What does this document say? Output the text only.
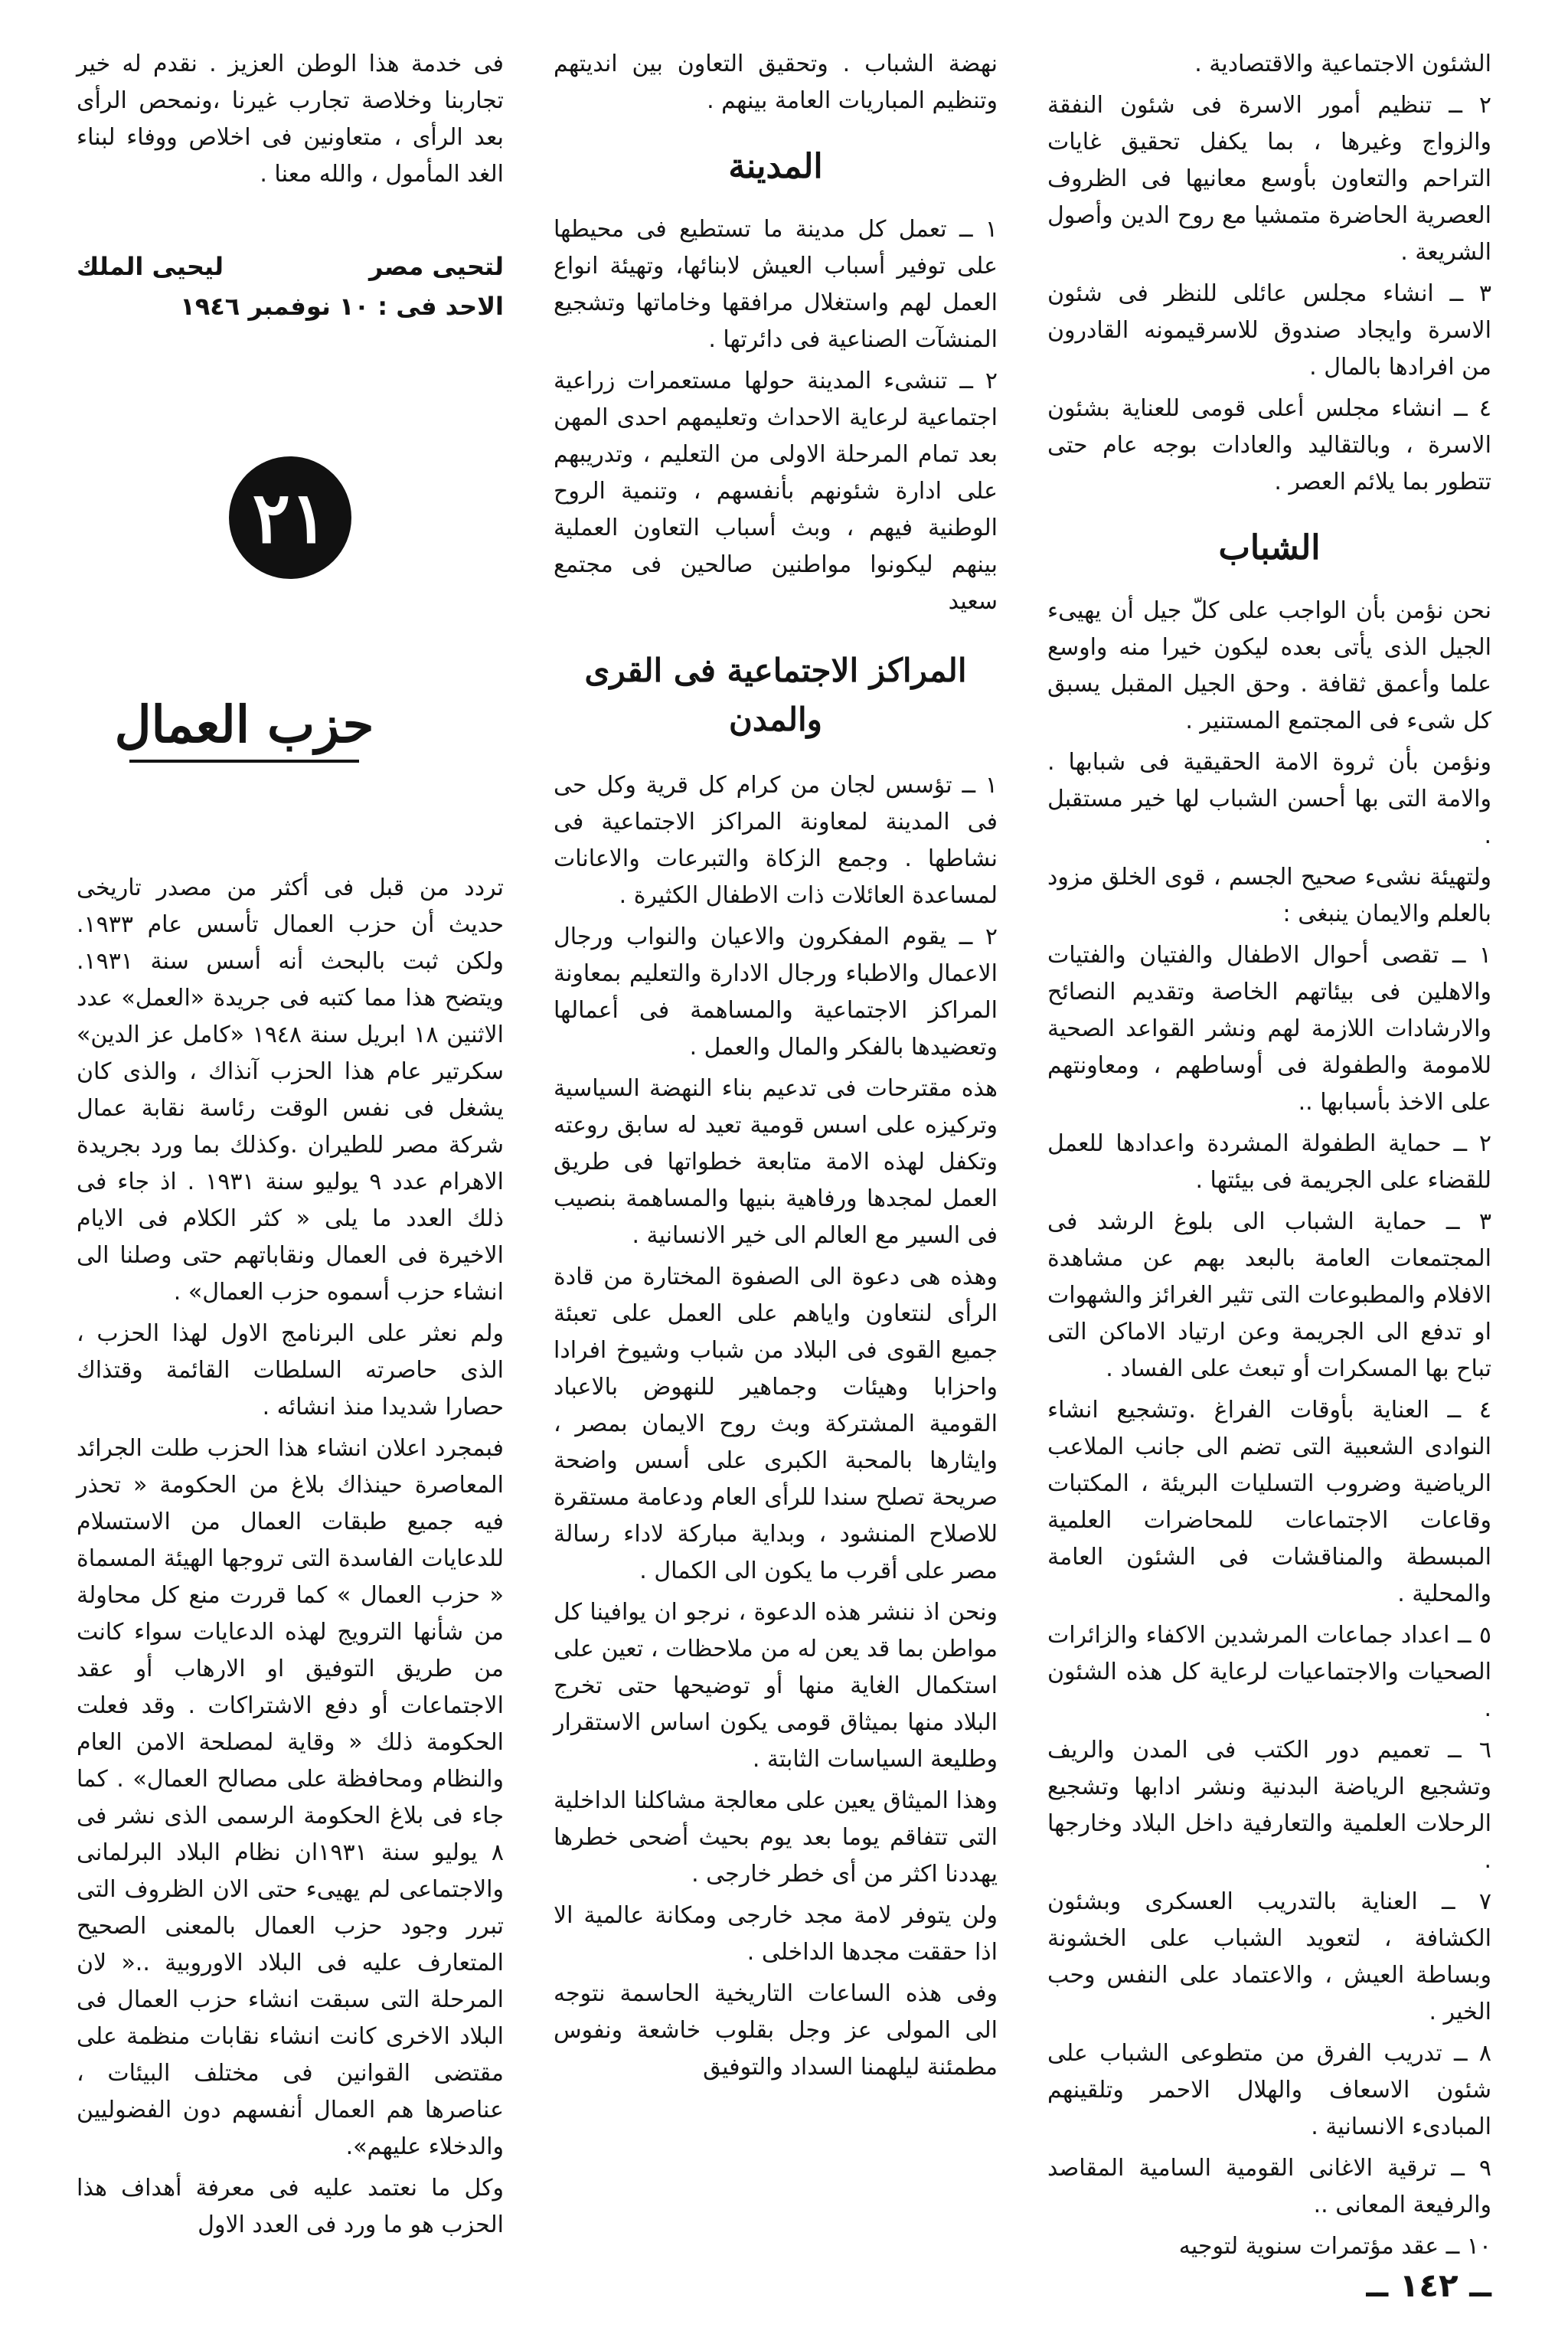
الشئون الاجتماعية والاقتصادية .

٢ ــ تنظيم أمور الاسرة فى شئون النفقة والزواج وغيرها ، بما يكفل تحقيق غايات التراحم والتعاون بأوسع معانيها فى الظروف العصرية الحاضرة متمشيا مع روح الدين وأصول الشريعة .

٣ ــ انشاء مجلس عائلى للنظر فى شئون الاسرة وايجاد صندوق للاسرقيمونه القادرون من افرادها بالمال .

٤ ــ انشاء مجلس أعلى قومى للعناية بشئون الاسرة ، وبالتقاليد والعادات بوجه عام حتى تتطور بما يلائم العصر .

الشباب

نحن نؤمن بأن الواجب على كلّ جيل أن يهيىء الجيل الذى يأتى بعده ليكون خيرا منه واوسع علما وأعمق ثقافة . وحق الجيل المقبل يسبق كل شىء فى المجتمع المستنير .

ونؤمن بأن ثروة الامة الحقيقية فى شبابها . والامة التى بها أحسن الشباب لها خير مستقبل .

ولتهيئة نشىء صحيح الجسم ، قوى الخلق مزود بالعلم والايمان ينبغى :

١ ــ تقصى أحوال الاطفال والفتيان والفتيات والاهلين فى بيئاتهم الخاصة وتقديم النصائح والارشادات اللازمة لهم ونشر القواعد الصحية للامومة والطفولة فى أوساطهم ، ومعاونتهم على الاخذ بأسبابها ..

٢ ــ حماية الطفولة المشردة واعدادها للعمل للقضاء على الجريمة فى بيئتها .

٣ ــ حماية الشباب الى بلوغ الرشد فى المجتمعات العامة بالبعد بهم عن مشاهدة الافلام والمطبوعات التى تثير الغرائز والشهوات او تدفع الى الجريمة وعن ارتياد الاماكن التى تباح بها المسكرات أو تبعث على الفساد .

٤ ــ العناية بأوقات الفراغ .وتشجيع انشاء النوادى الشعبية التى تضم الى جانب الملاعب الرياضية وضروب التسليات البريئة ، المكتبات وقاعات الاجتماعات للمحاضرات العلمية المبسطة والمناقشات فى الشئون العامة والمحلية .

٥ ــ اعداد جماعات المرشدين الاكفاء والزائرات الصحيات والاجتماعيات لرعاية كل هذه الشئون .

٦ ــ تعميم دور الكتب فى المدن والريف وتشجيع الرياضة البدنية ونشر ادابها وتشجيع الرحلات العلمية والتعارفية داخل البلاد وخارجها .

٧ ــ العناية بالتدريب العسكرى وبشئون الكشافة ، لتعويد الشباب على الخشونة وبساطة العيش ، والاعتماد على النفس وحب الخير .

٨ ــ تدريب الفرق من متطوعى الشباب على شئون الاسعاف والهلال الاحمر وتلقينهم المبادىء الانسانية .

٩ ــ ترقية الاغانى القومية السامية المقاصد والرفيعة المعانى ..

١٠ ــ عقد مؤتمرات سنوية لتوجيه

نهضة الشباب . وتحقيق التعاون بين انديتهم وتنظيم المباريات العامة بينهم .

المدينة

١ ــ تعمل كل مدينة ما تستطيع فى محيطها على توفير أسباب العيش لابنائها، وتهيئة انواع العمل لهم واستغلال مرافقها وخاماتها وتشجيع المنشآت الصناعية فى دائرتها .

٢ ــ تنشىء المدينة حولها مستعمرات زراعية اجتماعية لرعاية الاحداث وتعليمهم احدى المهن بعد تمام المرحلة الاولى من التعليم ، وتدريبهم على ادارة شئونهم بأنفسهم ، وتنمية الروح الوطنية فيهم ، وبث أسباب التعاون العملية بينهم ليكونوا مواطنين صالحين فى مجتمع سعيد

المراكز الاجتماعية فى القرى والمدن

١ ــ تؤسس لجان من كرام كل قرية وكل حى فى المدينة لمعاونة المراكز الاجتماعية فى نشاطها . وجمع الزكاة والتبرعات والاعانات لمساعدة العائلات ذات الاطفال الكثيرة .

٢ ــ يقوم المفكرون والاعيان والنواب ورجال الاعمال والاطباء ورجال الادارة والتعليم بمعاونة المراكز الاجتماعية والمساهمة فى أعمالها وتعضيدها بالفكر والمال والعمل .

هذه مقترحات فى تدعيم بناء النهضة السياسية وتركيزه على اسس قومية تعيد له سابق روعته وتكفل لهذه الامة متابعة خطواتها فى طريق العمل لمجدها ورفاهية بنيها والمساهمة بنصيب فى السير مع العالم الى خير الانسانية .

وهذه هى دعوة الى الصفوة المختارة من قادة الرأى لنتعاون واياهم على العمل على تعبئة جميع القوى فى البلاد من شباب وشيوخ افرادا واحزابا وهيئات وجماهير للنهوض بالاعباد القومية المشتركة وبث روح الايمان بمصر ، وايثارها بالمحبة الكبرى على أسس واضحة صريحة تصلح سندا للرأى العام ودعامة مستقرة للاصلاح المنشود ، وبداية مباركة لاداء رسالة مصر على أقرب ما يكون الى الكمال .

ونحن اذ ننشر هذه الدعوة ، نرجو ان يوافينا كل مواطن بما قد يعن له من ملاحظات ، تعين على استكمال الغاية منها أو توضيحها حتى تخرج البلاد منها بميثاق قومى يكون اساس الاستقرار وطليعة السياسات الثابتة .

وهذا الميثاق يعين على معالجة مشاكلنا الداخلية التى تتفاقم يوما بعد يوم بحيث أضحى خطرها يهددنا اكثر من أى خطر خارجى .

ولن يتوفر لامة مجد خارجى ومكانة عالمية الا اذا حققت مجدها الداخلى .

وفى هذه الساعات التاريخية الحاسمة نتوجه الى المولى عز وجل بقلوب خاشعة ونفوس مطمئنة ليلهمنا السداد والتوفيق

فى خدمة هذا الوطن العزيز . نقدم له خير تجاربنا وخلاصة تجارب غيرنا ،ونمحص الرأى بعد الرأى ، متعاونين فى اخلاص ووفاء لبناء الغد المأمول ، والله معنا .

لتحيى مصر
ليحيى الملك
الاحد فى : ١٠ نوفمبر ١٩٤٦
٢١
حزب العمال

تردد من قبل فى أكثر من مصدر تاريخى حديث أن حزب العمال تأسس عام ١٩٣٣. ولكن ثبت بالبحث أنه أسس سنة ١٩٣١. ويتضح هذا مما كتبه فى جريدة «العمل» عدد الاثنين ١٨ ابريل سنة ١٩٤٨ «كامل عز الدين» سكرتير عام هذا الحزب آنذاك ، والذى كان يشغل فى نفس الوقت رئاسة نقابة عمال شركة مصر للطيران .وكذلك بما ورد بجريدة الاهرام عدد ٩ يوليو سنة ١٩٣١ . اذ جاء فى ذلك العدد ما يلى « كثر الكلام فى الايام الاخيرة فى العمال ونقاباتهم حتى وصلنا الى انشاء حزب أسموه حزب العمال» .

ولم نعثر على البرنامج الاول لهذا الحزب ، الذى حاصرته السلطات القائمة وقتذاك حصارا شديدا منذ انشائه .

فبمجرد اعلان انشاء هذا الحزب طلت الجرائد المعاصرة حينذاك بلاغ من الحكومة « تحذر فيه جميع طبقات العمال من الاستسلام للدعايات الفاسدة التى تروجها الهيئة المسماة « حزب العمال » كما قررت منع كل محاولة من شأنها الترويج لهذه الدعايات سواء كانت من طريق التوفيق او الارهاب أو عقد الاجتماعات أو دفع الاشتراكات . وقد فعلت الحكومة ذلك « وقاية لمصلحة الامن العام والنظام ومحافظة على مصالح العمال» . كما جاء فى بلاغ الحكومة الرسمى الذى نشر فى ٨ يوليو سنة ١٩٣١ان نظام البلاد البرلمانى والاجتماعى لم يهيىء حتى الان الظروف التى تبرر وجود حزب العمال بالمعنى الصحيح المتعارف عليه فى البلاد الاوروبية ..« لان المرحلة التى سبقت انشاء حزب العمال فى البلاد الاخرى كانت انشاء نقابات منظمة على مقتضى القوانين فى مختلف البيئات ، عناصرها هم العمال أنفسهم دون الفضوليين والدخلاء عليهم».

وكل ما نعتمد عليه فى معرفة أهداف هذا الحزب هو ما ورد فى العدد الاول

ــ ١٤٢ ــ
